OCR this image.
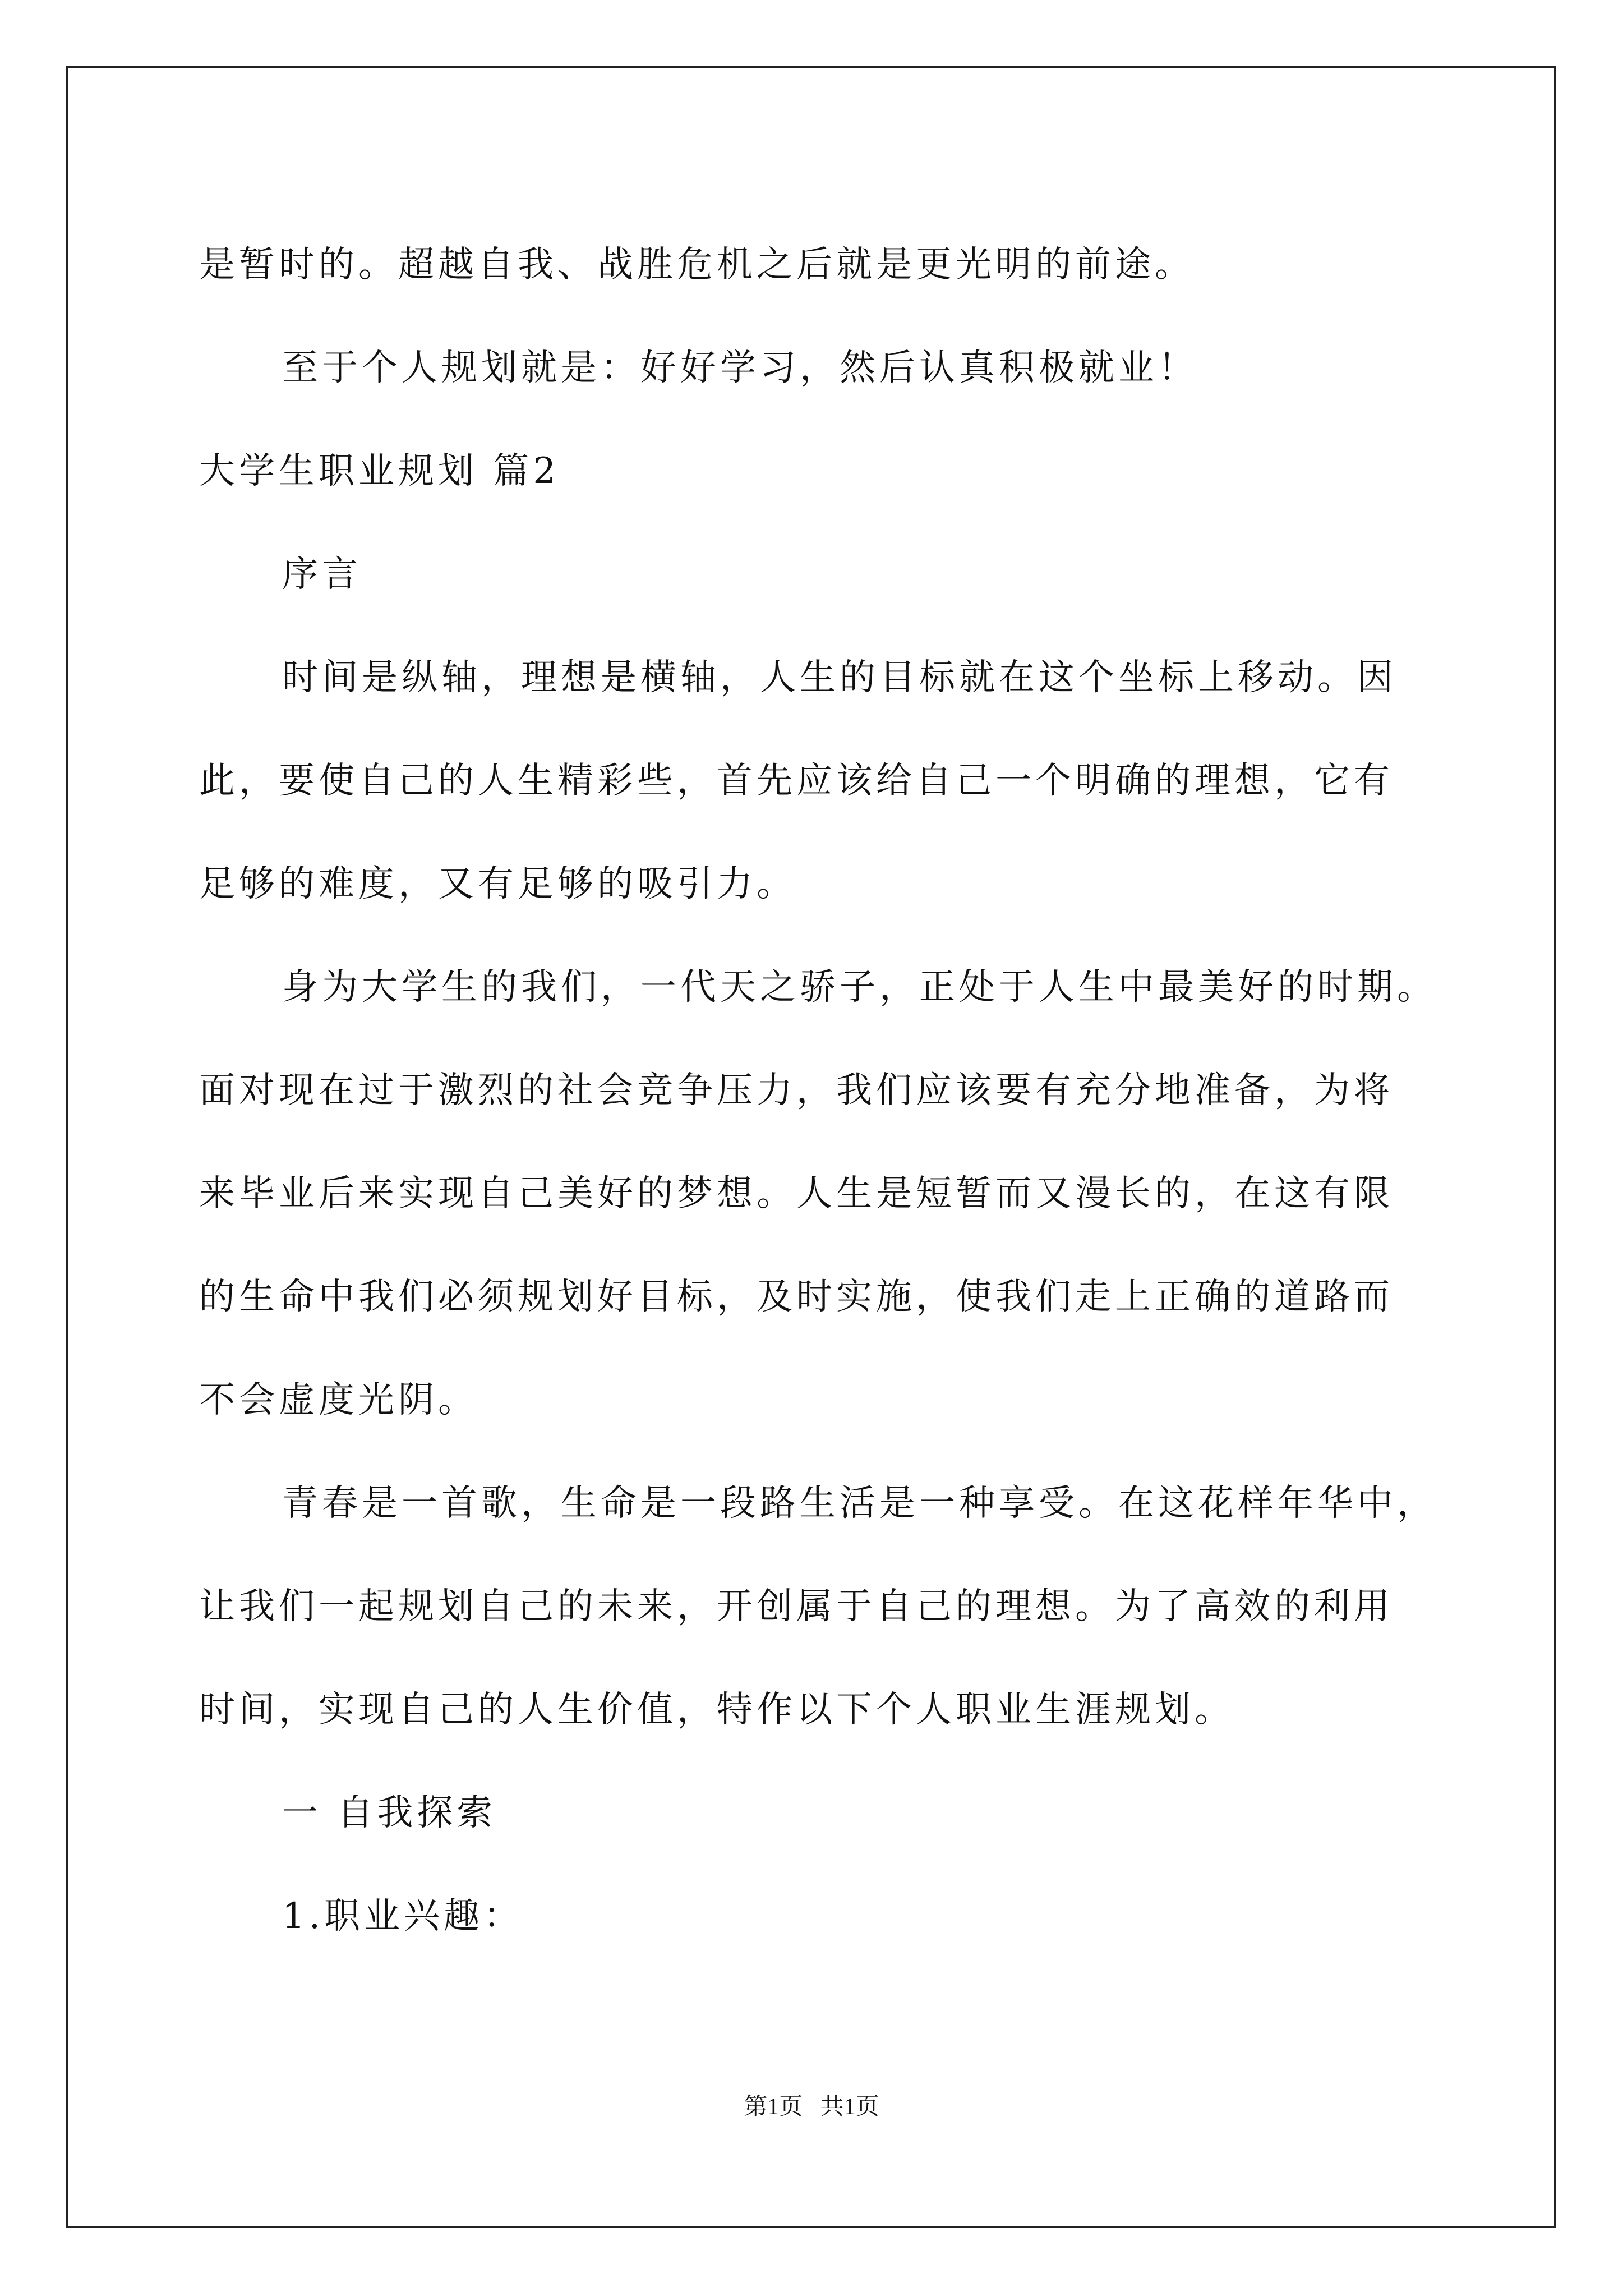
是暂时的。超越自我、战胜危机之后就是更光明的前途。

至于个人规划就是：好好学习，然后认真积极就业！

大学生职业规划 篇2

序言

时间是纵轴，理想是横轴，人生的目标就在这个坐标上移动。因

此，要使自己的人生精彩些，首先应该给自己一个明确的理想，它有

足够的难度，又有足够的吸引力。

身为大学生的我们，一代天之骄子，正处于人生中最美好的时期。

面对现在过于激烈的社会竞争压力，我们应该要有充分地准备，为将

来毕业后来实现自己美好的梦想。人生是短暂而又漫长的，在这有限

的生命中我们必须规划好目标，及时实施，使我们走上正确的道路而

不会虚度光阴。

青春是一首歌，生命是一段路生活是一种享受。在这花样年华中，

让我们一起规划自己的未来，开创属于自己的理想。为了高效的利用

时间，实现自己的人生价值，特作以下个人职业生涯规划。

一 自我探索

1.职业兴趣：

第1页   共1页
